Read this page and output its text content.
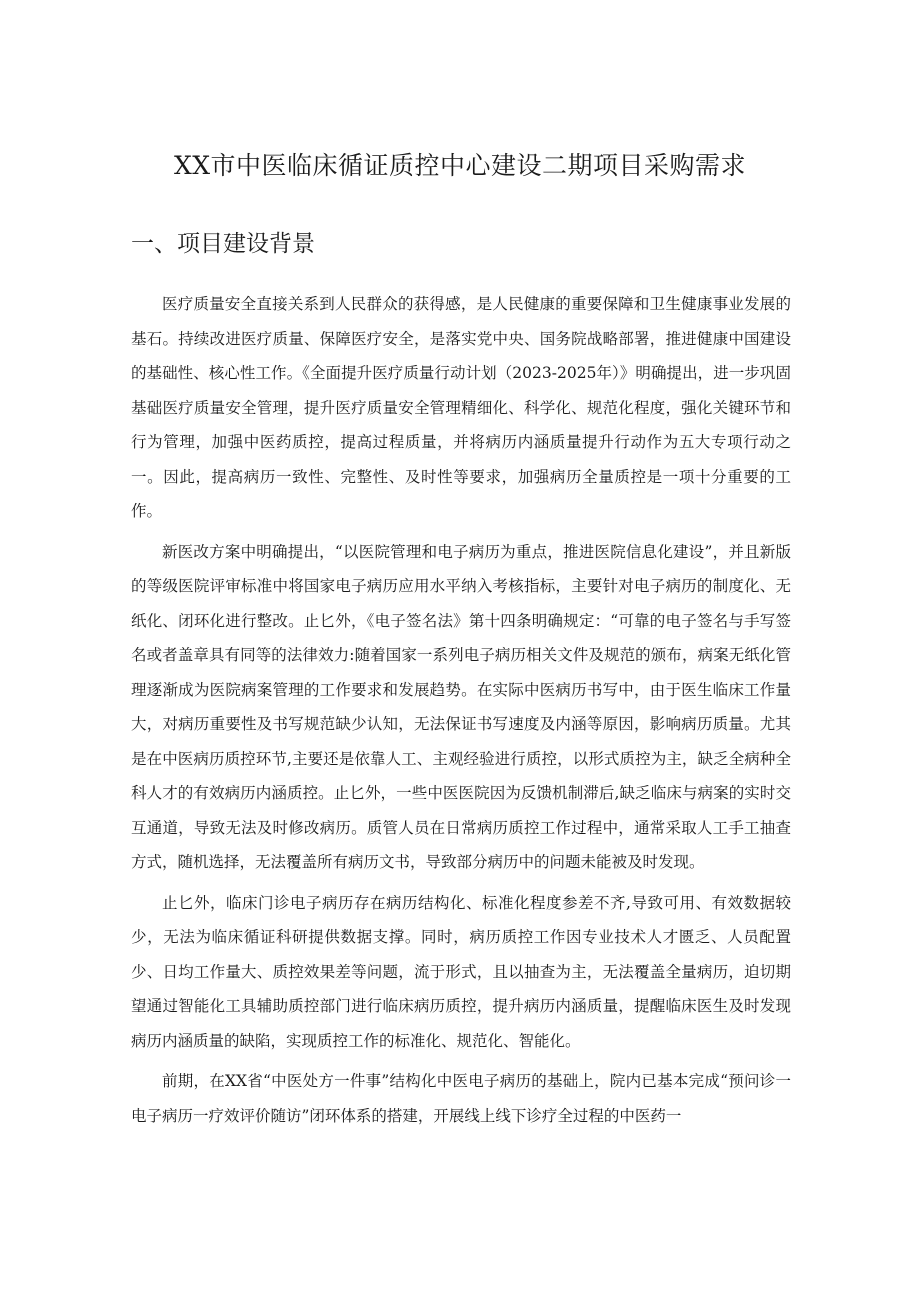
XX市中医临床循证质控中心建设二期项目采购需求
一、项目建设背景

医疗质量安全直接关系到人民群众的获得感，是人民健康的重要保障和卫生健康事业发展的基石。持续改进医疗质量、保障医疗安全，是落实党中央、国务院战略部署，推进健康中国建设的基础性、核心性工作。《全面提升医疗质量行动计划（2023-2025年）》明确提出，进一步巩固基础医疗质量安全管理，提升医疗质量安全管理精细化、科学化、规范化程度，强化关键环节和行为管理，加强中医药质控，提高过程质量，并将病历内涵质量提升行动作为五大专项行动之一。因此，提高病历一致性、完整性、及时性等要求，加强病历全量质控是一项十分重要的工作。

新医改方案中明确提出，“以医院管理和电子病历为重点，推进医院信息化建设”，并且新版的等级医院评审标准中将国家电子病历应用水平纳入考核指标，主要针对电子病历的制度化、无纸化、闭环化进行整改。止匕外，《电子签名法》第十四条明确规定：“可靠的电子签名与手写签名或者盖章具有同等的法律效力:随着国家一系列电子病历相关文件及规范的颁布，病案无纸化管理逐渐成为医院病案管理的工作要求和发展趋势。在实际中医病历书写中，由于医生临床工作量大，对病历重要性及书写规范缺少认知，无法保证书写速度及内涵等原因，影响病历质量。尤其是在中医病历质控环节,主要还是依靠人工、主观经验进行质控，以形式质控为主，缺乏全病种全科人才的有效病历内涵质控。止匕外，一些中医医院因为反馈机制滞后,缺乏临床与病案的实时交互通道，导致无法及时修改病历。质管人员在日常病历质控工作过程中，通常采取人工手工抽查方式，随机选择，无法覆盖所有病历文书，导致部分病历中的问题未能被及时发现。

止匕外，临床门诊电子病历存在病历结构化、标准化程度参差不齐,导致可用、有效数据较少，无法为临床循证科研提供数据支撑。同时，病历质控工作因专业技术人才匮乏、人员配置少、日均工作量大、质控效果差等问题，流于形式，且以抽查为主，无法覆盖全量病历，迫切期望通过智能化工具辅助质控部门进行临床病历质控，提升病历内涵质量，提醒临床医生及时发现病历内涵质量的缺陷，实现质控工作的标准化、规范化、智能化。

前期，在XX省“中医处方一件事”结构化中医电子病历的基础上，院内已基本完成“预问诊一电子病历一疗效评价随访”闭环体系的搭建，开展线上线下诊疗全过程的中医药一
